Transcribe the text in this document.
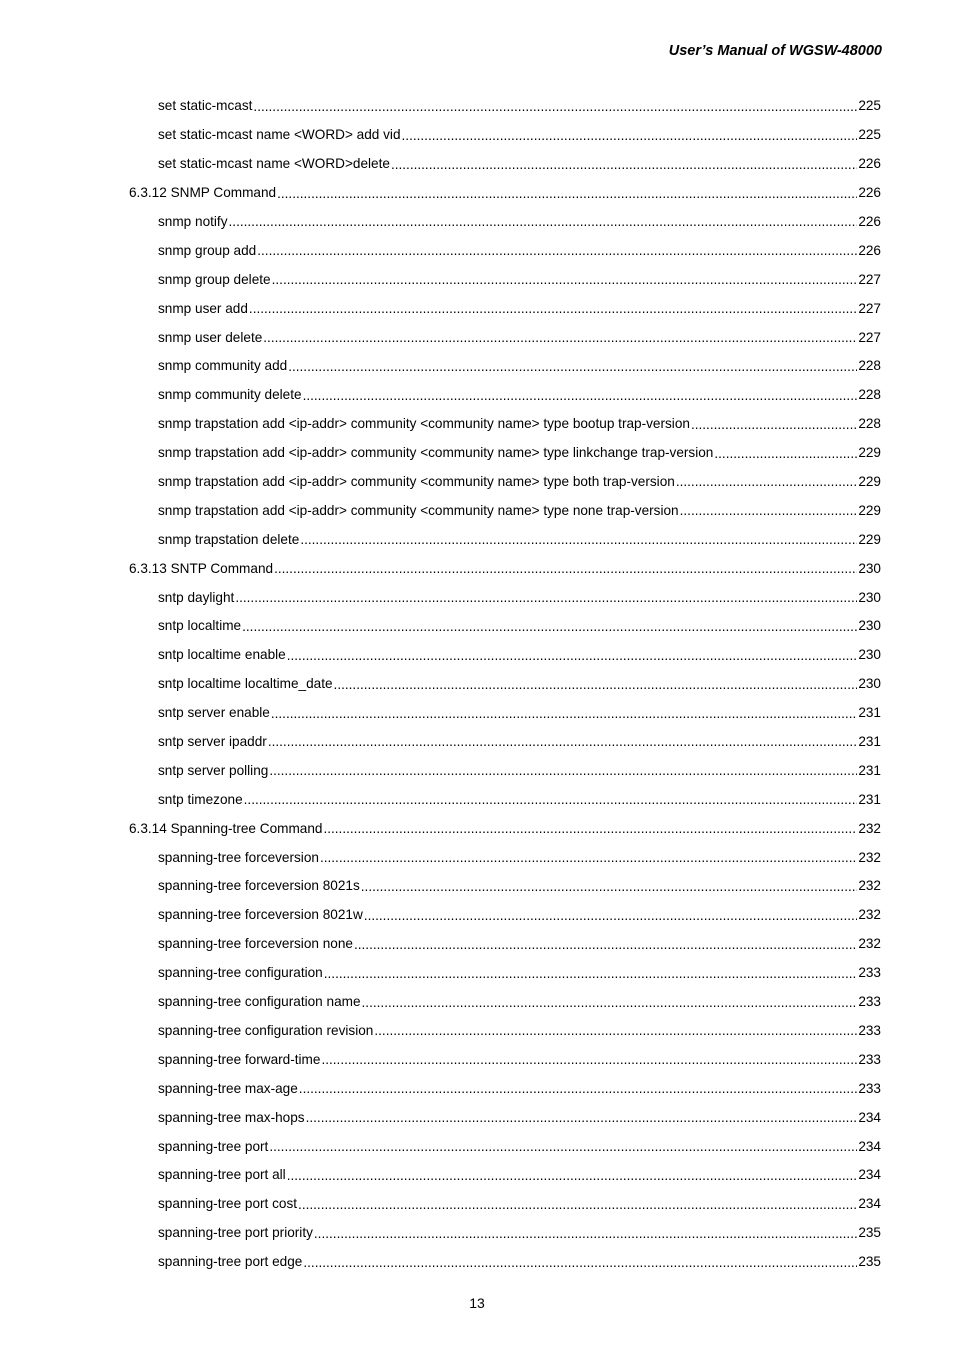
User’s Manual of WGSW-48000
set static-mcast .....	225
set static-mcast name <WORD> add vid .....	225
set static-mcast name <WORD>delete .....	226
6.3.12 SNMP Command .....	226
snmp notify .....	226
snmp group add .....	226
snmp group delete .....	227
snmp user add .....	227
snmp user delete .....	227
snmp community add .....	228
snmp community delete .....	228
snmp trapstation add <ip-addr> community <community name> type bootup trap-version .....	228
snmp trapstation add <ip-addr> community <community name> type linkchange trap-version .....	229
snmp trapstation add <ip-addr> community <community name> type both trap-version .....	229
snmp trapstation add <ip-addr> community <community name> type none trap-version .....	229
snmp trapstation delete .....	229
6.3.13 SNTP Command .....	230
sntp daylight .....	230
sntp localtime .....	230
sntp localtime enable .....	230
sntp localtime localtime_date .....	230
sntp server enable .....	231
sntp server ipaddr .....	231
sntp server polling .....	231
sntp timezone .....	231
6.3.14 Spanning-tree Command .....	232
spanning-tree forceversion .....	232
spanning-tree forceversion 8021s .....	232
spanning-tree forceversion 8021w .....	232
spanning-tree forceversion none .....	232
spanning-tree configuration .....	233
spanning-tree configuration name .....	233
spanning-tree configuration revision .....	233
spanning-tree forward-time .....	233
spanning-tree max-age .....	233
spanning-tree max-hops .....	234
spanning-tree port .....	234
spanning-tree port all .....	234
spanning-tree port cost .....	234
spanning-tree port priority .....	235
spanning-tree port edge .....	235
13
